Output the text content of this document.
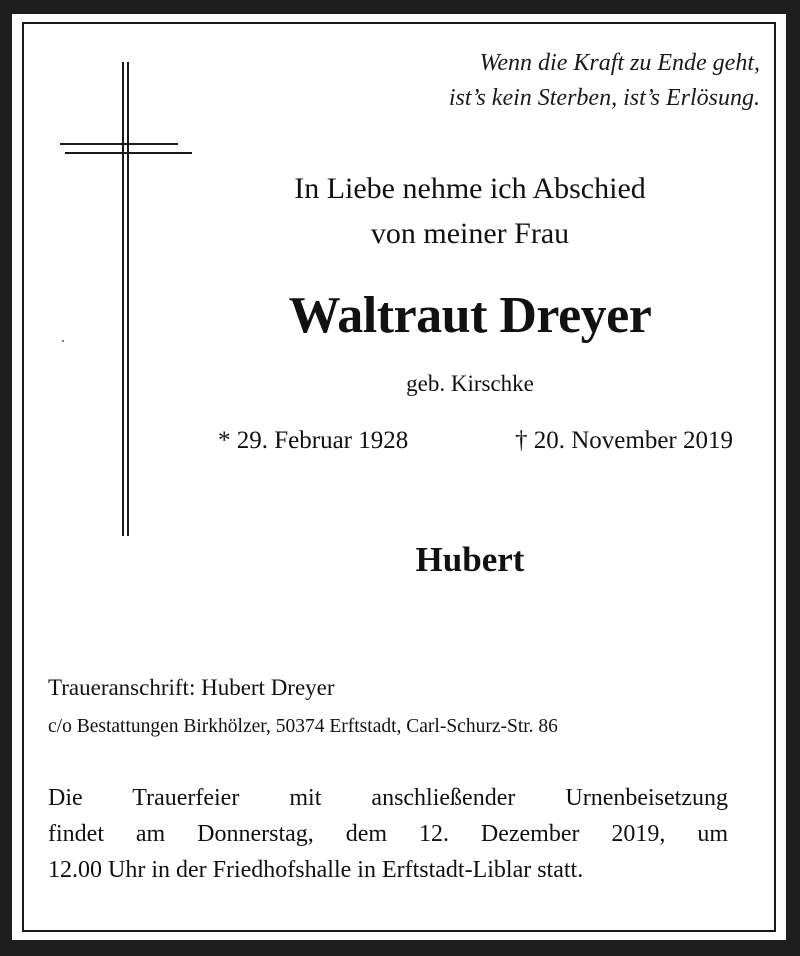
Wenn die Kraft zu Ende geht,
ist’s kein Sterben, ist’s Erlösung.
In Liebe nehme ich Abschied
von meiner Frau
Waltraut Dreyer
geb. Kirschke
* 29. Februar 1928	† 20. November 2019
Hubert
Traueranschrift: Hubert Dreyer
c/o Bestattungen Birkhölzer, 50374 Erftstadt, Carl-Schurz-Str. 86
Die Trauerfeier mit anschließender Urnenbeisetzung
findet am Donnerstag, dem 12. Dezember 2019, um
12.00 Uhr in der Friedhofshalle in Erftstadt-Liblar statt.
